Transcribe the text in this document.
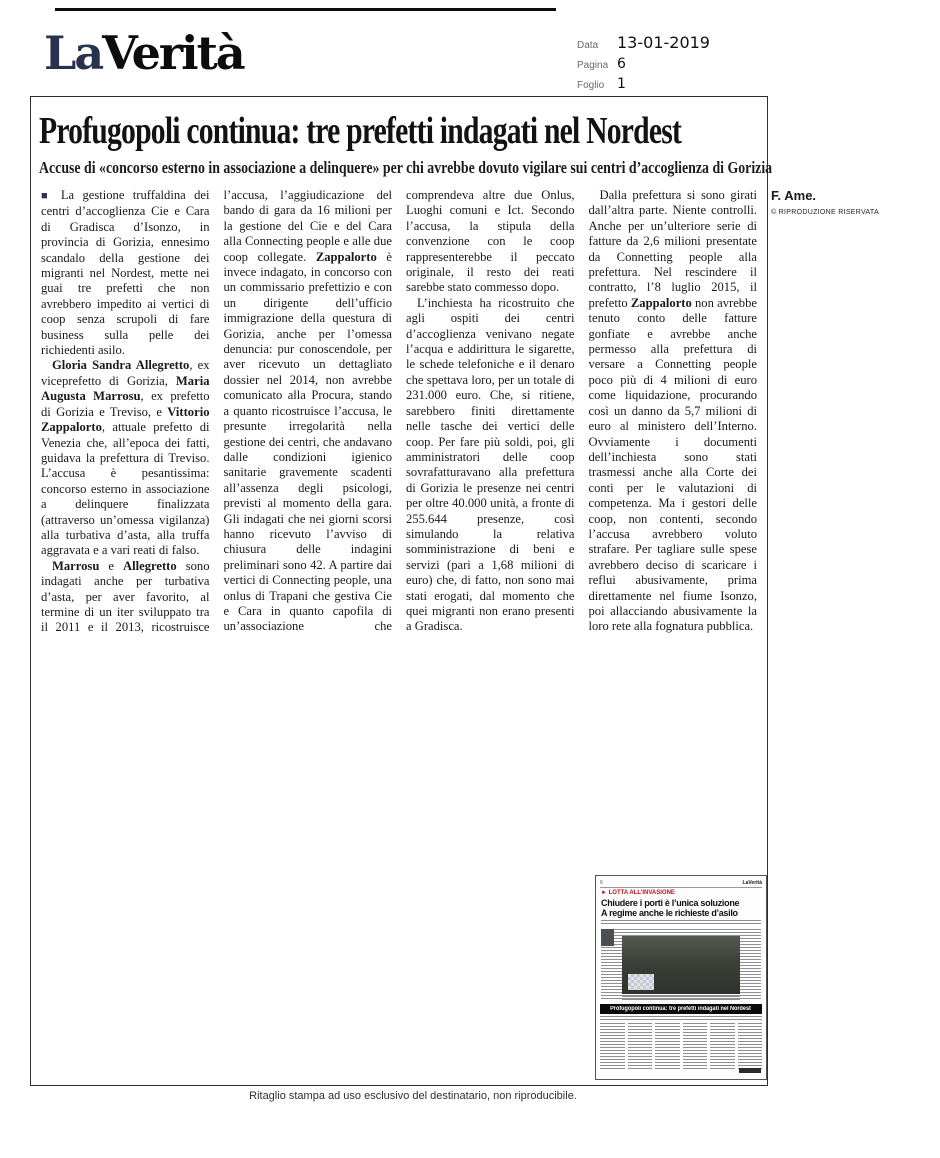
LaVerità	Data	13-01-2019
Pagina 6
Foglio 1
Profugopoli continua: tre prefetti indagati nel Nordest
Accuse di «concorso esterno in associazione a delinquere» per chi avrebbe dovuto vigilare sui centri d’accoglienza di Gorizia

■ La gestione truffaldina dei centri d’accoglienza Cie e Cara di Gradisca d’Isonzo, in provincia di Gorizia, ennesimo scandalo della gestione dei migranti nel Nordest, mette nei guai tre prefetti che non avrebbero impedito ai vertici di coop senza scrupoli di fare business sulla pelle dei richiedenti asilo.

Gloria Sandra Allegretto, ex viceprefetto di Gorizia, Maria Augusta Marrosu, ex prefetto di Gorizia e Treviso, e Vittorio Zappalorto, attuale prefetto di Venezia che, all’epoca dei fatti, guidava la prefettura di Treviso. L’accusa è pesantissima: concorso esterno in associazione a delinquere finalizzata (attraverso un’omessa vigilanza) alla turbativa d’asta, alla truffa aggravata e a vari reati di falso.

Marrosu e Allegretto sono indagati anche per turbativa d’asta, per aver favorito, al termine di un iter sviluppato tra il 2011 e il 2013, ricostruisce l’accusa, l’aggiudicazione del bando di gara da 16 milioni per la gestione del Cie e del Cara alla Connecting people e alle due coop collegate. Zappalorto è invece indagato, in concorso con un commissario prefettizio e con un dirigente dell’ufficio immigrazione della questura di Gorizia, anche per l’omessa denuncia: pur conoscendole, per aver ricevuto un dettagliato dossier nel 2014, non avrebbe comunicato alla Procura, stando a quanto ricostruisce l’accusa, le presunte irregolarità nella gestione dei centri, che andavano dalle condizioni igienico sanitarie gravemente scadenti all’assenza degli psicologi, previsti al momento della gara. Gli indagati che nei giorni scorsi hanno ricevuto l’avviso di chiusura delle indagini preliminari sono 42. A partire dai vertici di Connecting people, una onlus di Trapani che gestiva Cie e Cara in quanto capofila di un’associazione che comprendeva altre due Onlus, Luoghi comuni e Ict. Secondo l’accusa, la stipula della convenzione con le coop rappresenterebbe il peccato originale, il resto dei reati sarebbe stato commesso dopo.

L’inchiesta ha ricostruito che agli ospiti dei centri d’accoglienza venivano negate l’acqua e addirittura le sigarette, le schede telefoniche e il denaro che spettava loro, per un totale di 231.000 euro. Che, si ritiene, sarebbero finiti direttamente nelle tasche dei vertici delle coop. Per fare più soldi, poi, gli amministratori delle coop sovrafatturavano alla prefettura di Gorizia le presenze nei centri per oltre 40.000 unità, a fronte di 255.644 presenze, così simulando la relativa somministrazione di beni e servizi (pari a 1,68 milioni di euro) che, di fatto, non sono mai stati erogati, dal momento che quei migranti non erano presenti a Gradisca.

Dalla prefettura si sono girati dall’altra parte. Niente controlli. Anche per un’ulteriore serie di fatture da 2,6 milioni presentate da Connetting people alla prefettura. Nel rescindere il contratto, l’8 luglio 2015, il prefetto Zappalorto non avrebbe tenuto conto delle fatture gonfiate e avrebbe anche permesso alla prefettura di versare a Connetting people poco più di 4 milioni di euro come liquidazione, procurando così un danno da 5,7 milioni di euro al ministero dell’Interno. Ovviamente i documenti dell’inchiesta sono stati trasmessi anche alla Corte dei conti per le valutazioni di competenza. Ma i gestori delle coop, non contenti, secondo l’accusa avrebbero voluto strafare. Per tagliare sulle spese avrebbero deciso di scaricare i reflui abusivamente, prima direttamente nel fiume Isonzo, poi allacciando abusivamente la loro rete alla fognatura pubblica.

F. Ame.
© RIPRODUZIONE RISERVATA
6	LaVerità
► LOTTA ALL’INVASIONE
Chiudere i porti è l’unica soluzione
A regime anche le richieste d’asilo
Profugopoli continua: tre prefetti indagati nel Nordest
Ritaglio stampa ad uso esclusivo del destinatario, non riproducibile.
